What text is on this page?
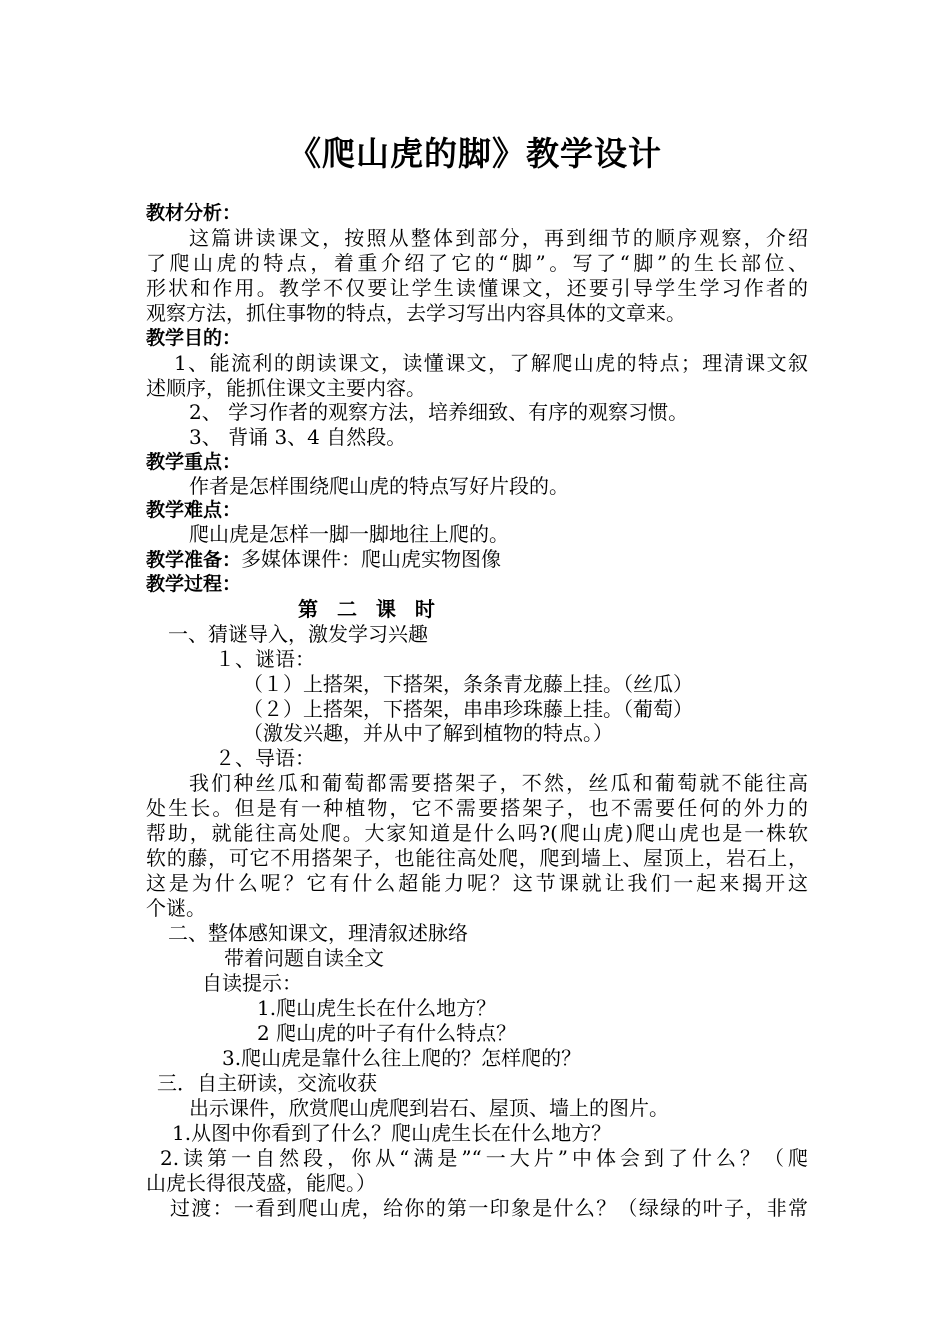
《爬山虎的脚》教学设计
教材分析：
这篇讲读课文，按照从整体到部分，再到细节的顺序观察，介绍
了爬山虎的特点，着重介绍了它的“脚”。写了“脚”的生长部位、
形状和作用。教学不仅要让学生读懂课文，还要引导学生学习作者的
观察方法，抓住事物的特点，去学习写出内容具体的文章来。
教学目的：
1、能流利的朗读课文，读懂课文，了解爬山虎的特点；理清课文叙
述顺序，能抓住课文主要内容。
2、 学习作者的观察方法，培养细致、有序的观察习惯。
3、 背诵 3、4 自然段。
教学重点：
作者是怎样围绕爬山虎的特点写好片段的。
教学难点：
爬山虎是怎样一脚一脚地往上爬的。
教学准备：多媒体课件：爬山虎实物图像
教学过程：
第 二 课 时
一、猜谜导入，激发学习兴趣
１、谜语：
（１）上搭架，下搭架，条条青龙藤上挂。（丝瓜）
（２）上搭架，下搭架，串串珍珠藤上挂。（葡萄）
（激发兴趣，并从中了解到植物的特点。）
２、导语：
我们种丝瓜和葡萄都需要搭架子，不然，丝瓜和葡萄就不能往高
处生长。但是有一种植物，它不需要搭架子，也不需要任何的外力的
帮助，就能往高处爬。大家知道是什么吗?(爬山虎)爬山虎也是一株软
软的藤，可它不用搭架子，也能往高处爬，爬到墙上、屋顶上，岩石上，
这是为什么呢？它有什么超能力呢？这节课就让我们一起来揭开这
个谜。
二、整体感知课文，理清叙述脉络
带着问题自读全文
自读提示：
1.爬山虎生长在什么地方？
2 爬山虎的叶子有什么特点？
3.爬山虎是靠什么往上爬的？怎样爬的？
三．自主研读，交流收获
出示课件，欣赏爬山虎爬到岩石、屋顶、墙上的图片。
1.从图中你看到了什么？爬山虎生长在什么地方？
2.读第一自然段，你从“满是”“一大片”中体会到了什么？（爬
山虎长得很茂盛，能爬。）
过渡：一看到爬山虎，给你的第一印象是什么？（绿绿的叶子，非常
